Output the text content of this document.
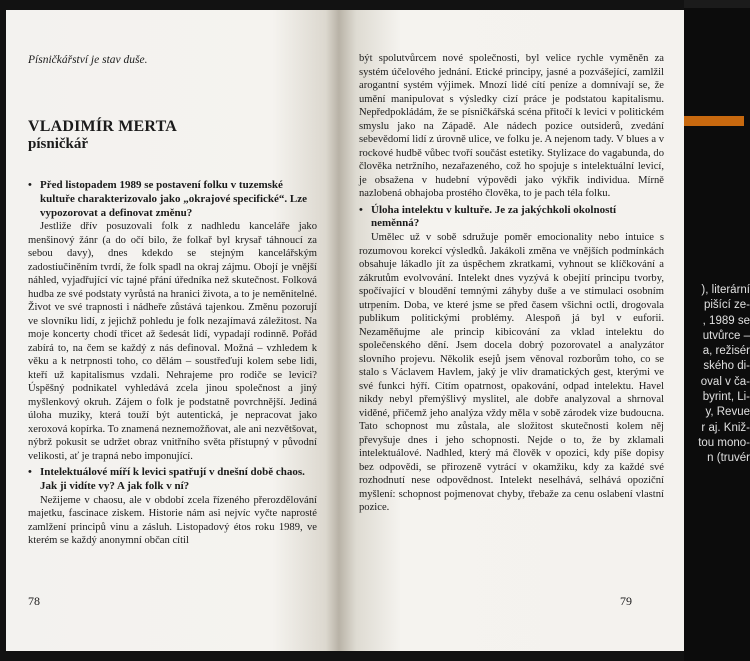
Písničkářství je stav duše.

VLADIMÍR MERTA

písničkář

• Před listopadem 1989 se postavení folku v tuzemské kultuře charakterizovalo jako „okrajové specifické“. Lze vypozorovat a definovat změnu?

Jestliže dřív posuzovali folk z nadhledu kanceláře jako menšinový žánr (a do očí bilo, že folkař byl krysař táhnoucí za sebou davy), dnes kdekdo se stejným kancelářským zadostiučiněním tvrdí, že folk spadl na okraj zájmu. Obojí je vnější náhled, vyjadřující víc tajné přání úředníka než skutečnost. Folková hudba ze své podstaty vyrůstá na hranici života, a to je neměnitelné. Život ve své trapnosti i nádheře zůstává tajenkou. Změnu pozorují ve slovníku lidí, z jejichž pohledu je folk nezajímavá záležitost. Na moje koncerty chodí třicet až šedesát lidí, vypadají rodinně. Pořád zabírá to, na čem se každý z nás definoval. Možná – vzhledem k věku a k netrpnosti toho, co dělám – soustřeďuji kolem sebe lidi, kteří už kapitalismus vzdali. Nehrajeme pro rodiče se levici? Úspěšný podnikatel vyhledává zcela jinou společnost a jiný myšlenkový okruh. Zájem o folk je podstatně povrchnější. Jediná úloha muziky, která touží být autentická, je nepracovat jako xeroxová kopírka. To znamená neznemožňovat, ale ani nezvětšovat, nýbrž pokusit se udržet obraz vnitřního světa přístupný v původní velikosti, ať je trapná nebo imponující.

• Intelektuálové míří k levici spatřují v dnešní době chaos. Jak ji vidíte vy? A jak folk v ní?

Nežijeme v chaosu, ale v období zcela řízeného přerozdělování majetku, fascinace ziskem. Historie nám asi nejvíc vyčte naprosté zamlžení principů vinu a zásluh. Listopadový étos roku 1989, ve kterém se každý anonymní občan cítil

78

být spolutvůrcem nové společnosti, byl velice rychle vyměněn za systém účelového jednání. Etické principy, jasné a pozvášející, zamlžil arogantní systém výjimek. Mnozí lidé cítí peníze a domnívají se, že umění manipulovat s výsledky cizí práce je podstatou kapitalismu. Nepředpokládám, že se písničkářská scéna přitočí k levici v politickém smyslu jako na Západě. Ale nádech pozice outsiderů, zvedání sebevědomí lidí z úrovně ulice, ve folku je. A nejenom tady. V blues a v rockové hudbě vůbec tvoří součást estetiky. Stylizace do vagabunda, do člověka netržního, nezařazeného, což ho spojuje s intelektuální levicí, je obsažena v hudební výpovědi jako výkřik individua. Mírně nazlobená obhajoba prostého člověka, to je pach téla folku.

• Úloha intelektu v kultuře. Je za jakýchkoli okolností neměnná?

Umělec už v sobě sdružuje poměr emocionality nebo intuice s rozumovou korekcí výsledků. Jakákoli změna ve vnějších podmínkách obsahuje lákadlo jít za úspěchem zkratkami, vyhnout se klíčkování a zákrutům evolvování. Intelekt dnes vyzývá k obejití principu tvorby, spočívající v bloudění temnými záhyby duše a ve stimulaci osobním utrpením. Doba, ve které jsme se před časem všichni octli, drogovala publikum politickými problémy. Alespoň já byl v euforii. Nezaměňujme ale princip kibicování za vklad intelektu do společenského dění. Jsem docela dobrý pozorovatel a analyzátor slovního projevu. Několik esejů jsem věnoval rozborům toho, co se stalo s Václavem Havlem, jaký je vliv dramatických gest, kterými ve své funkci hýří. Cítím opatrnost, opakování, odpad intelektu. Havel nikdy nebyl přemýšlivý myslitel, ale dobře analyzoval a shrnoval viděné, přičemž jeho analýza vždy měla v sobě zárodek vize budoucna. Tato schopnost mu zůstala, ale složitost skutečnosti kolem něj převyšuje dnes i jeho schopnosti. Nejde o to, že by zklamali intelektuálové. Nadhled, který má člověk v opozici, kdy píše dopisy bez odpovědi, se přirozeně vytrácí v okamžiku, kdy za každé své rozhodnutí nese odpovědnost. Intelekt neselhává, selhává opoziční myšlení: schopnost pojmenovat chyby, třebaže za cenu oslabení vlastní pozice.

79
), literární
pišící ze-
, 1989 se
utvůrce –
a, režisér
ského di-
oval v ča-
byrint, Li-
y, Revue
r aj. Kniž-
tou mono-
n (truvér
